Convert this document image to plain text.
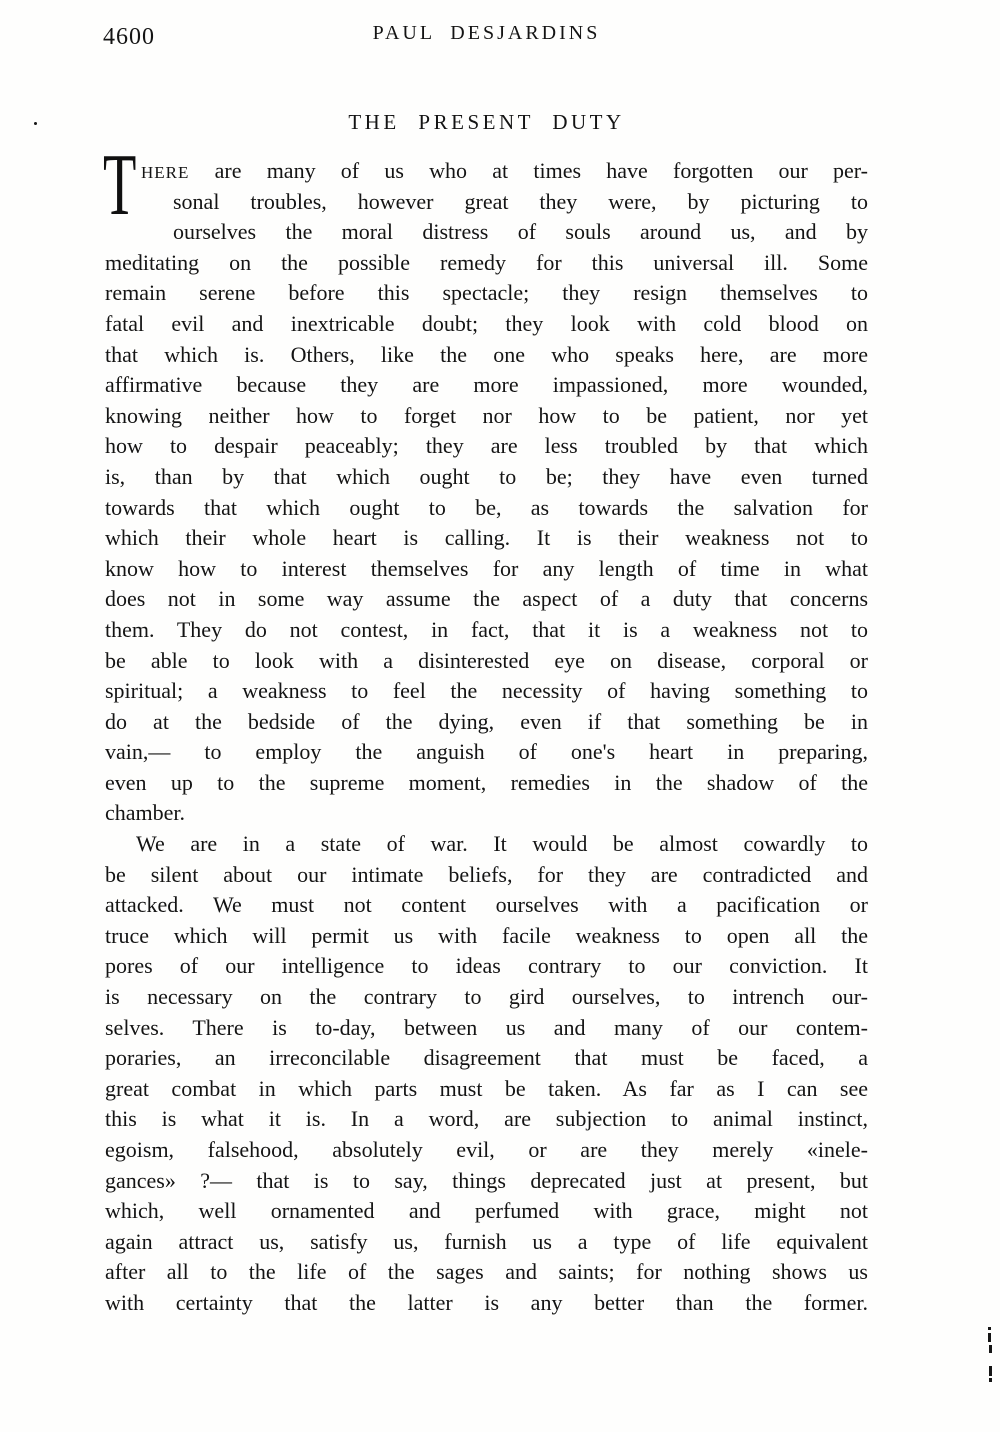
4600	PAUL DESJARDINS
THE PRESENT DUTY
T HERE are many of us who at times have forgotten our per-
sonal troubles, however great they were, by picturing to
ourselves the moral distress of souls around us, and by
meditating on the possible remedy for this universal ill. Some
remain serene before this spectacle; they resign themselves to
fatal evil and inextricable doubt; they look with cold blood on
that which is. Others, like the one who speaks here, are more
affirmative because they are more impassioned, more wounded,
knowing neither how to forget nor how to be patient, nor yet
how to despair peaceably; they are less troubled by that which
is, than by that which ought to be; they have even turned
towards that which ought to be, as towards the salvation for
which their whole heart is calling. It is their weakness not to
know how to interest themselves for any length of time in what
does not in some way assume the aspect of a duty that concerns
them. They do not contest, in fact, that it is a weakness not to
be able to look with a disinterested eye on disease, corporal or
spiritual; a weakness to feel the necessity of having something to
do at the bedside of the dying, even if that something be in
vain,— to employ the anguish of one's heart in preparing,
even up to the supreme moment, remedies in the shadow of the
chamber.
We are in a state of war. It would be almost cowardly to
be silent about our intimate beliefs, for they are contradicted and
attacked. We must not content ourselves with a pacification or
truce which will permit us with facile weakness to open all the
pores of our intelligence to ideas contrary to our conviction. It
is necessary on the contrary to gird ourselves, to intrench our-
selves. There is to-day, between us and many of our contem-
poraries, an irreconcilable disagreement that must be faced, a
great combat in which parts must be taken. As far as I can see
this is what it is. In a word, are subjection to animal instinct,
egoism, falsehood, absolutely evil, or are they merely «inele-
gances» ?— that is to say, things deprecated just at present, but
which, well ornamented and perfumed with grace, might not
again attract us, satisfy us, furnish us a type of life equivalent
after all to the life of the sages and saints; for nothing shows us
with certainty that the latter is any better than the former.
